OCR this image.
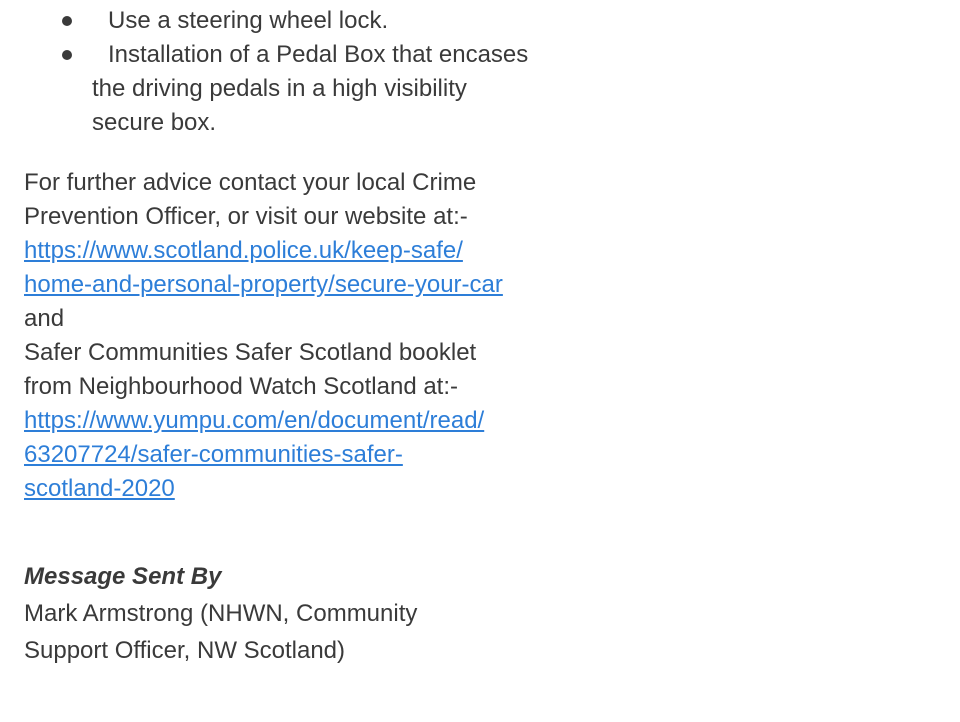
Use a steering wheel lock.
Installation of a Pedal Box that encases
the driving pedals in a high visibility
secure box.
For further advice contact your local Crime
Prevention Officer, or visit our website at:-
https://www.scotland.police.uk/keep-safe/
home-and-personal-property/secure-your-car
and
Safer Communities Safer Scotland booklet
from Neighbourhood Watch Scotland at:-
https://www.yumpu.com/en/document/read/
63207724/safer-communities-safer-
scotland-2020
Message Sent By
Mark Armstrong (NHWN, Community
Support Officer, NW Scotland)
